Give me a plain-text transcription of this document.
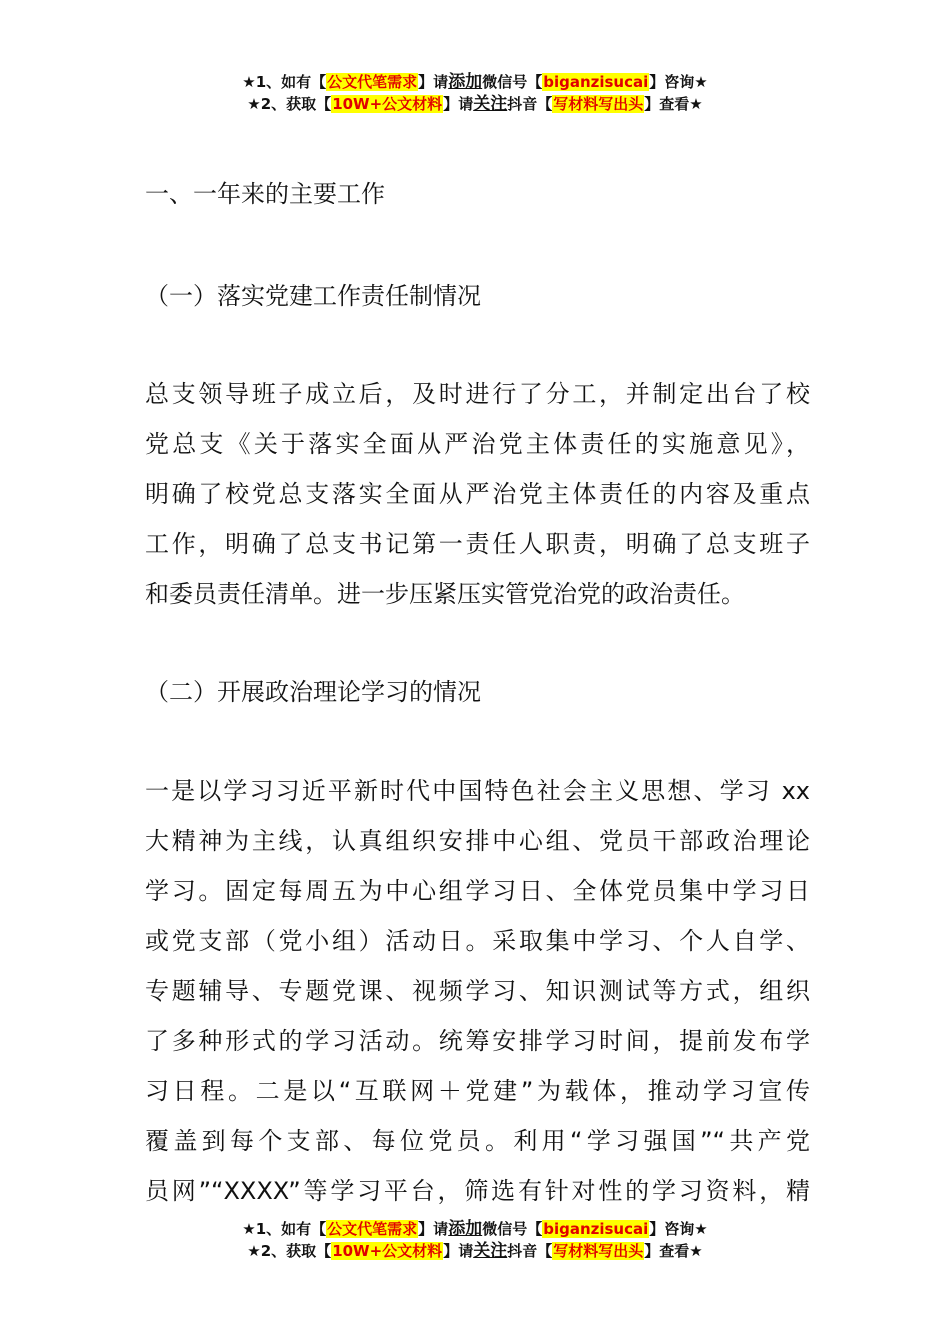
★1、如有【公文代笔需求】请添加微信号【biganzisucai】咨询★
★2、获取【10W+公文材料】请关注抖音【写材料写出头】查看★
一、一年来的主要工作
（一）落实党建工作责任制情况
总支领导班子成立后，及时进行了分工，并制定出台了校
党总支《关于落实全面从严治党主体责任的实施意见》，
明确了校党总支落实全面从严治党主体责任的内容及重点
工作，明确了总支书记第一责任人职责，明确了总支班子
和委员责任清单。进一步压紧压实管党治党的政治责任。
（二）开展政治理论学习的情况
一是以学习习近平新时代中国特色社会主义思想、学习 xx
大精神为主线，认真组织安排中心组、党员干部政治理论
学习。固定每周五为中心组学习日、全体党员集中学习日
或党支部（党小组）活动日。采取集中学习、个人自学、
专题辅导、专题党课、视频学习、知识测试等方式，组织
了多种形式的学习活动。统筹安排学习时间，提前发布学
习日程。二是以“互联网＋党建”为载体，推动学习宣传
覆盖到每个支部、每位党员。利用“学习强国”“共产党
员网”“XXXX”等学习平台，筛选有针对性的学习资料，精
★1、如有【公文代笔需求】请添加微信号【biganzisucai】咨询★
★2、获取【10W+公文材料】请关注抖音【写材料写出头】查看★
